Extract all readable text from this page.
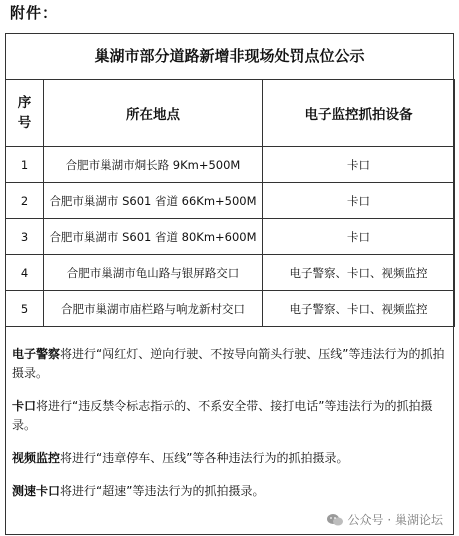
附件：
巢湖市部分道路新增非现场处罚点位公示
序
号	所在地点	电子监控抓拍设备
1	合肥市巢湖市烔长路 9Km+500M	卡口
2	合肥市巢湖市 S601 省道 66Km+500M	卡口
3	合肥市巢湖市 S601 省道 80Km+600M	卡口
4	合肥市巢湖市龟山路与银屏路交口	电子警察、卡口、视频监控
5	合肥市巢湖市庙栏路与响龙新村交口	电子警察、卡口、视频监控

电子警察将进行“闯红灯、逆向行驶、不按导向箭头行驶、压线”等违法行为的抓拍摄录。

卡口将进行“违反禁令标志指示的、不系安全带、接打电话”等违法行为的抓拍摄录。

视频监控将进行“违章停车、压线”等各种违法行为的抓拍摄录。

测速卡口将进行“超速”等违法行为的抓拍摄录。

公众号 · 巢湖论坛
